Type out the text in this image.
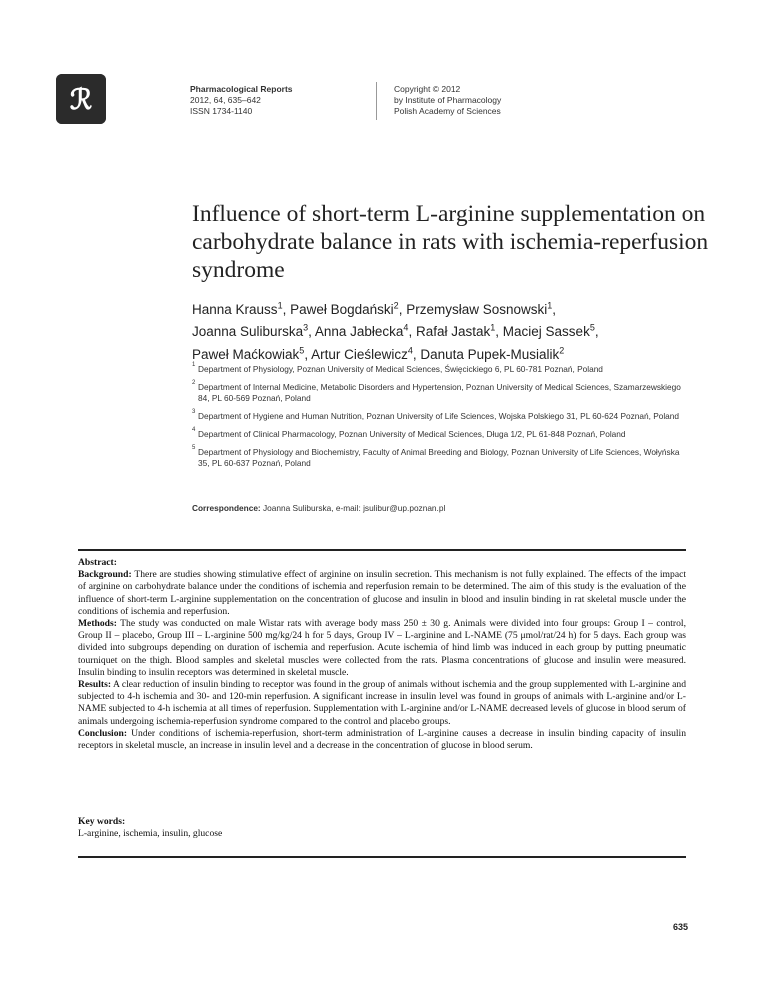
ℛ	Pharmacological Reports
2012, 64, 635–642
ISSN 1734-1140
Copyright © 2012
by Institute of Pharmacology
Polish Academy of Sciences
Influence of short-term L-arginine supplementation on carbohydrate balance in rats with ischemia-reperfusion syndrome
Hanna Krauss$^1$, Paweł Bogdański$^2$, Przemysław Sosnowski$^1$,
Joanna Suliburska$^3$, Anna Jabłecka$^4$, Rafał Jastak$^1$, Maciej Sassek$^5$,
Paweł Maćkowiak$^5$, Artur Cieślewicz$^4$, Danuta Pupek-Musialik$^2$

1 Department of Physiology, Poznan University of Medical Sciences, Święcickiego 6, PL 60-781 Poznań, Poland

2 Department of Internal Medicine, Metabolic Disorders and Hypertension, Poznan University of Medical Sciences, Szamarzewskiego 84, PL 60-569 Poznań, Poland

3 Department of Hygiene and Human Nutrition, Poznan University of Life Sciences, Wojska Polskiego 31, PL 60-624 Poznań, Poland

4 Department of Clinical Pharmacology, Poznan University of Medical Sciences, Długa 1/2, PL 61-848 Poznań, Poland

5 Department of Physiology and Biochemistry, Faculty of Animal Breeding and Biology, Poznan University of Life Sciences, Wołyńska 35, PL 60-637 Poznań, Poland

Correspondence: Joanna Suliburska, e-mail: jsulibur@up.poznan.pl

Abstract:

Background: There are studies showing stimulative effect of arginine on insulin secretion. This mechanism is not fully explained. The effects of the impact of arginine on carbohydrate balance under the conditions of ischemia and reperfusion remain to be determined. The aim of this study is the evaluation of the influence of short-term L-arginine supplementation on the concentration of glucose and insulin in blood and insulin binding in rat skeletal muscle under the conditions of ischemia and reperfusion.

Methods: The study was conducted on male Wistar rats with average body mass 250 ± 30 g. Animals were divided into four groups: Group I – control, Group II – placebo, Group III – L-arginine 500 mg/kg/24 h for 5 days, Group IV – L-arginine and L-NAME (75 μmol/rat/24 h) for 5 days. Each group was divided into subgroups depending on duration of ischemia and reperfusion. Acute ischemia of hind limb was induced in each group by putting pneumatic tourniquet on the thigh. Blood samples and skeletal muscles were collected from the rats. Plasma concentrations of glucose and insulin were measured. Insulin binding to insulin receptors was determined in skeletal muscle.

Results: A clear reduction of insulin binding to receptor was found in the group of animals without ischemia and the group supplemented with L-arginine and subjected to 4-h ischemia and 30- and 120-min reperfusion. A significant increase in insulin level was found in groups of animals with L-arginine and/or L-NAME subjected to 4-h ischemia at all times of reperfusion. Supplementation with L-arginine and/or L-NAME decreased levels of glucose in blood serum of animals undergoing ischemia-reperfusion syndrome compared to the control and placebo groups.

Conclusion: Under conditions of ischemia-reperfusion, short-term administration of L-arginine causes a decrease in insulin binding capacity of insulin receptors in skeletal muscle, an increase in insulin level and a decrease in the concentration of glucose in blood serum.

Key words:

L-arginine, ischemia, insulin, glucose

635
